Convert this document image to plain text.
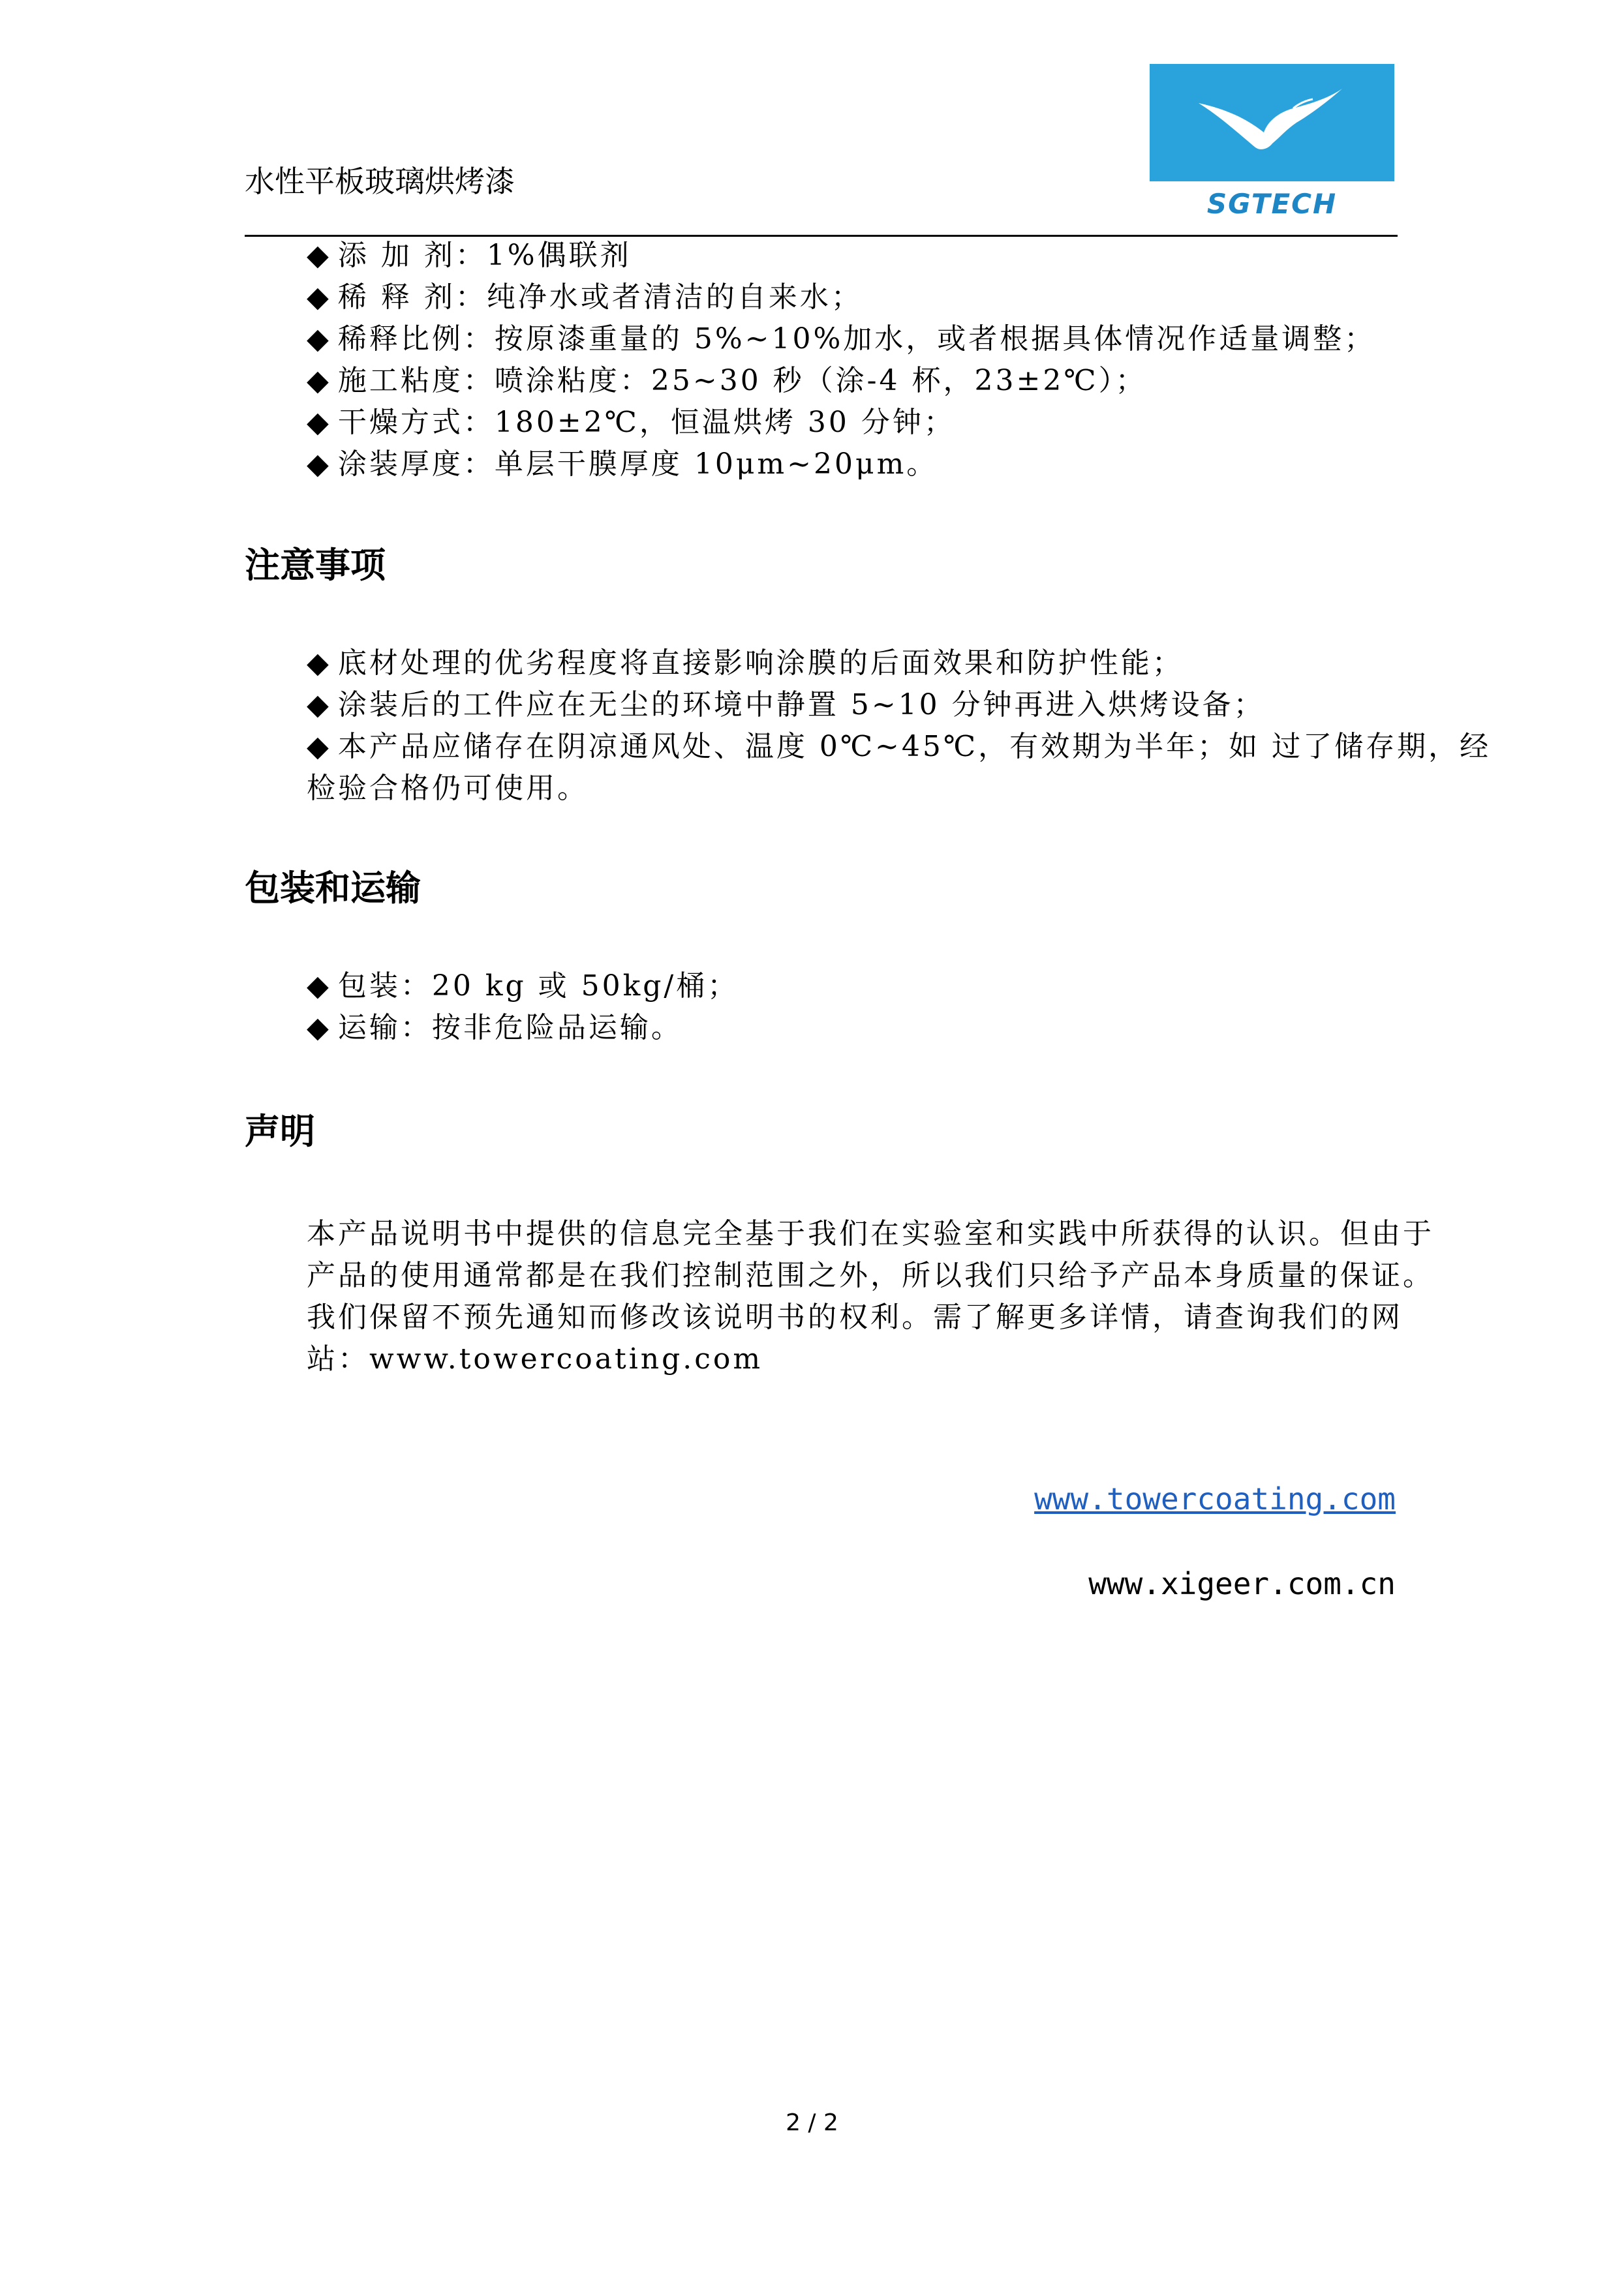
水性平板玻璃烘烤漆
SGTECH
◆ 添 加 剂：1%偶联剂
◆ 稀 释 剂：纯净水或者清洁的自来水；
◆ 稀释比例：按原漆重量的 5%~10%加水，或者根据具体情况作适量调整；
◆ 施工粘度：喷涂粘度：25~30 秒（涂-4 杯，23±2℃）；
◆ 干燥方式：180±2℃，恒温烘烤 30 分钟；
◆ 涂装厚度：单层干膜厚度 10μm~20μm。
注意事项
◆ 底材处理的优劣程度将直接影响涂膜的后面效果和防护性能；
◆ 涂装后的工件应在无尘的环境中静置 5~10 分钟再进入烘烤设备；
◆ 本产品应储存在阴凉通风处、温度 0℃~45℃，有效期为半年；如 过了储存期，经检验合格仍可使用。
包装和运输
◆ 包装：20 kg 或 50kg/桶；
◆ 运输：按非危险品运输。
声明

本产品说明书中提供的信息完全基于我们在实验室和实践中所获得的认识。但由于

产品的使用通常都是在我们控制范围之外，所以我们只给予产品本身质量的保证。

我们保留不预先通知而修改该说明书的权利。需了解更多详情，请查询我们的网

站：www.towercoating.com

www.towercoating.com
www.xigeer.com.cn
2 / 2
